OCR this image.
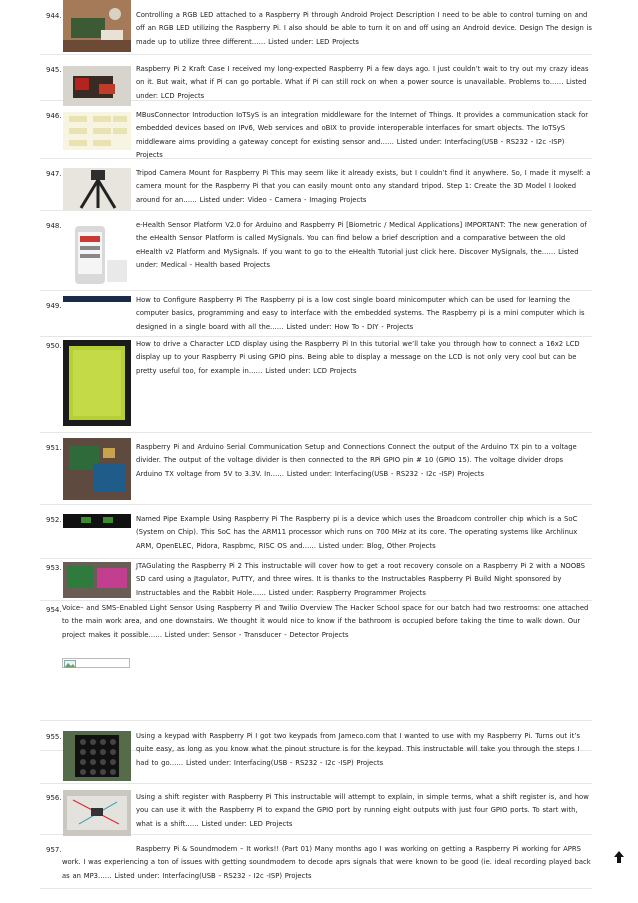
944.	Controlling a RGB LED attached to a Raspberry Pi through Android Project Description I need to be able to control turning on and off an RGB LED utilizing the Raspberry Pi. I also should be able to turn it on and off using an Android device. Design The design is made up to utilize three different…… Listed under: LED Projects
945.	Raspberry Pi 2 Kraft Case I received my long-expected Raspberry Pi a few days ago. I just couldn’t wait to try out my crazy ideas on it. But wait, what if Pi can go portable. What if Pi can still rock on when a power source is unavailable. Problems to…… Listed under: LCD Projects
946.	MBusConnector Introduction IoTSyS is an integration middleware for the Internet of Things. It provides a communication stack for embedded devices based on IPv6, Web services and oBIX to provide interoperable interfaces for smart objects. The IoTSyS middleware aims providing a gateway concept for existing sensor and…… Listed under: Interfacing(USB - RS232 - I2c -ISP) Projects
947.	Tripod Camera Mount for Raspberry Pi This may seem like it already exists, but I couldn’t find it anywhere. So, I made it myself: a camera mount for the Raspberry Pi that you can easily mount onto any standard tripod. Step 1: Create the 3D Model I looked around for an…… Listed under: Video - Camera - Imaging Projects
948.	e-Health Sensor Platform V2.0 for Arduino and Raspberry Pi [Biometric / Medical Applications] IMPORTANT: The new generation of the eHealth Sensor Platform is called MySignals. You can find below a brief description and a comparative between the old eHealth v2 Platform and MySignals. If you want to go to the eHealth Tutorial just click here. Discover MySignals, the…… Listed under: Medical - Health based Projects
949.
How to Configure Raspberry Pi The Raspberry pi is a low cost single board minicomputer which can be used for learning the computer basics, programming and easy to interface with the embedded systems. The Raspberry pi is a mini computer which is designed in a single board with all the…… Listed under: How To - DIY - Projects
950.	How to drive a Character LCD display using the Raspberry Pi In this tutorial we’ll take you through how to connect a 16x2 LCD display up to your Raspberry Pi using GPIO pins. Being able to display a message on the LCD is not only very cool but can be pretty useful too, for example in…… Listed under: LCD Projects
951.	Raspberry Pi and Arduino Serial Communication Setup and Connections Connect the output of the Arduino TX pin to a voltage divider. The output of the voltage divider is then connected to the RPi GPIO pin # 10 (GPIO 15). The voltage divider drops Arduino TX voltage from 5V to 3.3V. In…… Listed under: Interfacing(USB - RS232 - I2c -ISP) Projects
952.	Named Pipe Example Using Raspberry Pi The Raspberry pi is a device which uses the Broadcom controller chip which is a SoC (System on Chip). This SoC has the ARM11 processor which runs on 700 MHz at its core. The operating systems like Archlinux ARM, OpenELEC, Pidora, Raspbmc, RISC OS and…… Listed under: Blog, Other Projects
953.	JTAGulating the Raspberry Pi 2 This instructable will cover how to get a root recovery console on a Raspberry Pi 2 with a NOOBS SD card using a Jtagulator, PuTTY, and three wires. It is thanks to the Instructables Raspberry Pi Build Night sponsored by Instructables and the Rabbit Hole…… Listed under: Raspberry Programmer Projects
954. Voice– and SMS–Enabled Light Sensor Using Raspberry Pi and Twilio Overview The Hacker School space for our batch had two restrooms: one attached to the main work area, and one downstairs. We thought it would nice to know if the bathroom is occupied before taking the time to walk down. Our project makes it possible…… Listed under: Sensor - Transducer - Detector Projects
955.	Using a keypad with Raspberry Pi I got two keypads from Jameco.com that I wanted to use with my Raspberry Pi. Turns out it’s quite easy, as long as you know what the pinout structure is for the keypad. This instructable will take you through the steps I had to go…… Listed under: Interfacing(USB - RS232 - I2c -ISP) Projects
956.	Using a shift register with Raspberry Pi This instructable will attempt to explain, in simple terms, what a shift register is, and how you can use it with the Raspberry Pi to expand the GPIO port by running eight outputs with just four GPIO ports. To start with, what is a shift…… Listed under: LED Projects
957.	Raspberry Pi & Soundmodem – It works!! (Part 01) Many months ago I was working on getting a Raspberry Pi working for APRS work. I was experiencing a ton of issues with getting soundmodem to decode aprs signals that were known to be good (ie. ideal recording played back as an MP3…… Listed under: Interfacing(USB - RS232 - I2c -ISP) Projects
